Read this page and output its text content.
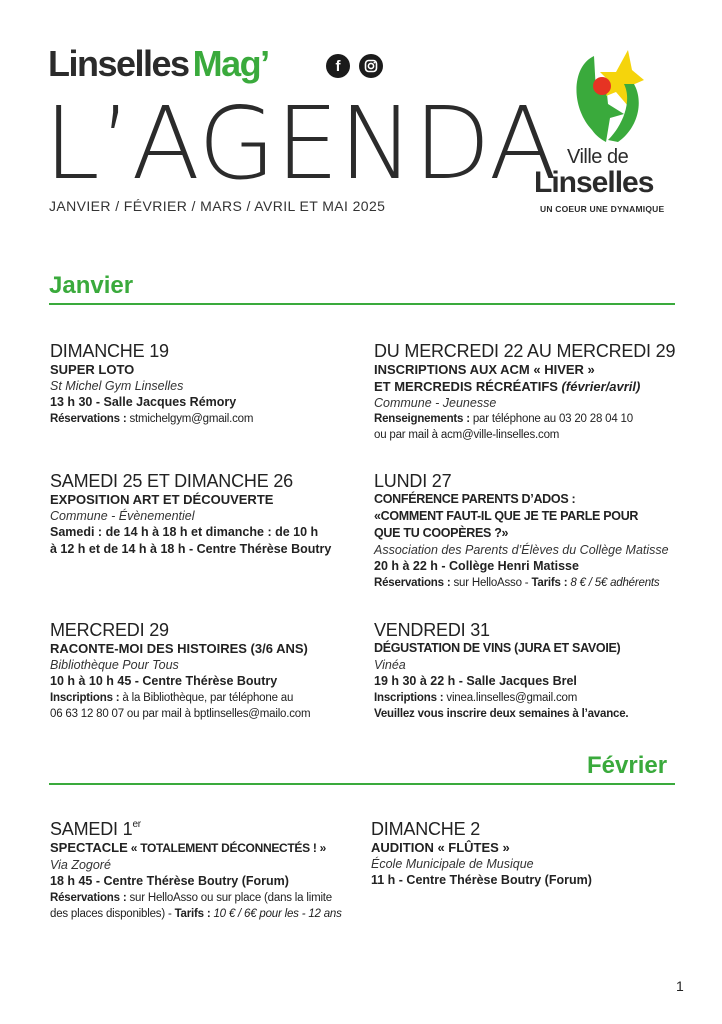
Linselles Mag’	f
L’AGENDA
JANVIER / FÉVRIER / MARS / AVRIL ET MAI 2025
Ville de
Linselles
UN COEUR UNE DYNAMIQUE
Janvier
DIMANCHE 19
SUPER LOTO
St Michel Gym Linselles
13 h 30 - Salle Jacques Rémory
Réservations : stmichelgym@gmail.com
DU MERCREDI 22 AU MERCREDI 29
INSCRIPTIONS AUX ACM « HIVER »
ET MERCREDIS RÉCRÉATIFS (février/avril)
Commune - Jeunesse
Renseignements : par téléphone au 03 20 28 04 10
ou par mail à acm@ville-linselles.com
SAMEDI 25 ET DIMANCHE 26
EXPOSITION ART ET DÉCOUVERTE
Commune - Évènementiel
Samedi : de 14 h à 18 h et dimanche : de 10 h
à 12 h et de 14 h à 18 h - Centre Thérèse Boutry
LUNDI 27
CONFÉRENCE PARENTS D’ADOS :
«COMMENT FAUT-IL QUE JE TE PARLE POUR
QUE TU COOPÈRES ?»
Association des Parents d’Élèves du Collège Matisse
20 h à 22 h - Collège Henri Matisse
Réservations : sur HelloAsso - Tarifs : 8 € / 5€ adhérents
MERCREDI 29
RACONTE-MOI DES HISTOIRES (3/6 ANS)
Bibliothèque Pour Tous
10 h à 10 h 45 - Centre Thérèse Boutry
Inscriptions : à la Bibliothèque, par téléphone au
06 63 12 80 07 ou par mail à bptlinselles@mailo.com
VENDREDI 31
DÉGUSTATION DE VINS (JURA ET SAVOIE)
Vinéa
19 h 30 à 22 h - Salle Jacques Brel
Inscriptions : vinea.linselles@gmail.com
Veuillez vous inscrire deux semaines à l’avance.
Février
SAMEDI 1er
SPECTACLE « TOTALEMENT DÉCONNECTÉS ! »
Via Zogoré
18 h 45 - Centre Thérèse Boutry (Forum)
Réservations : sur HelloAsso ou sur place (dans la limite
des places disponibles) - Tarifs : 10 € / 6€ pour les - 12 ans
DIMANCHE 2
AUDITION « FLÛTES »
École Municipale de Musique
11 h - Centre Thérèse Boutry (Forum)
1
